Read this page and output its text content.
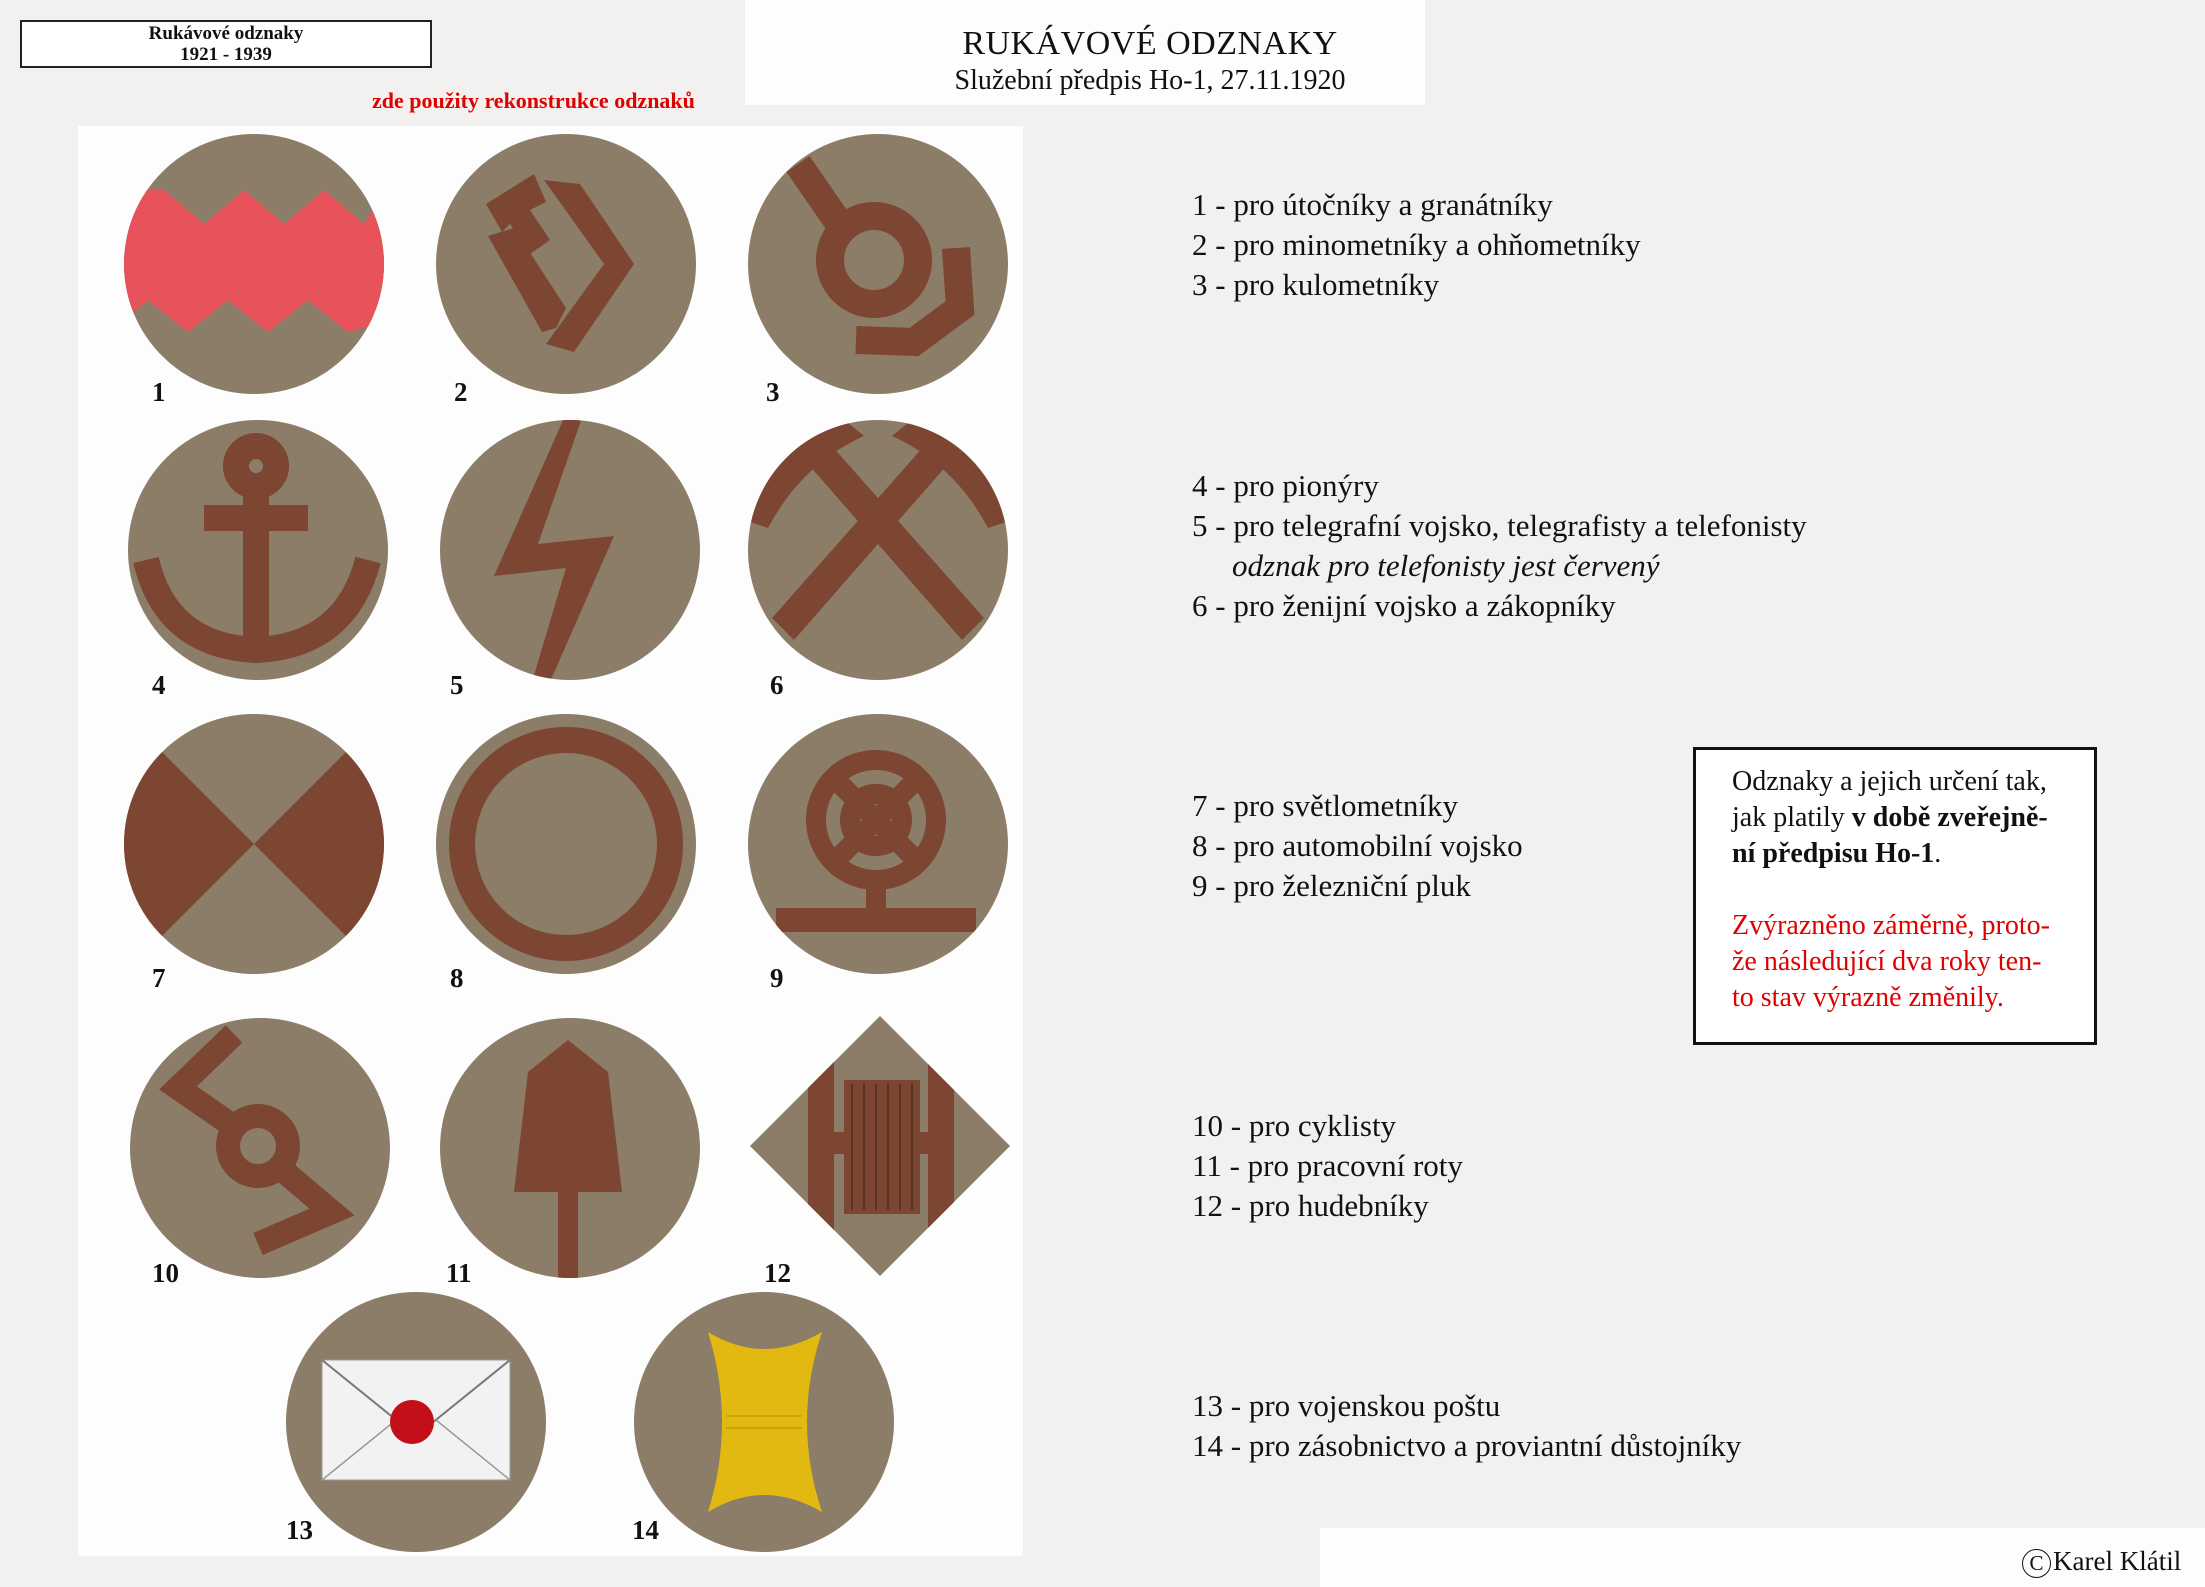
Rukávové odznaky
1921 - 1939	RUKÁVOVÉ ODZNAKY
Služební předpis Ho-1, 27.11.1920
zde použity rekonstrukce odznaků
1	2	3
4	5	6
7	8	9
10	11	12
13	14
1 - pro útočníky a granátníky
2 - pro minometníky a ohňometníky
3 - pro kulometníky
4 - pro pionýry
5 - pro telegrafní vojsko, telegrafisty a telefonisty
odznak pro telefonisty jest červený
6 - pro ženijní vojsko a zákopníky
7 - pro světlometníky
8 - pro automobilní vojsko
9 - pro železniční pluk
10 - pro cyklisty
11 - pro pracovní roty
12 - pro hudebníky
13 - pro vojenskou poštu
14 - pro zásobnictvo a proviantní důstojníky
Odznaky a jejich určení tak,
jak platily v době zveřejně-
ní předpisu Ho-1.
Zvýrazněno záměrně, proto-
že následující dva roky ten-
to stav výrazně změnily.
C Karel Klátil
